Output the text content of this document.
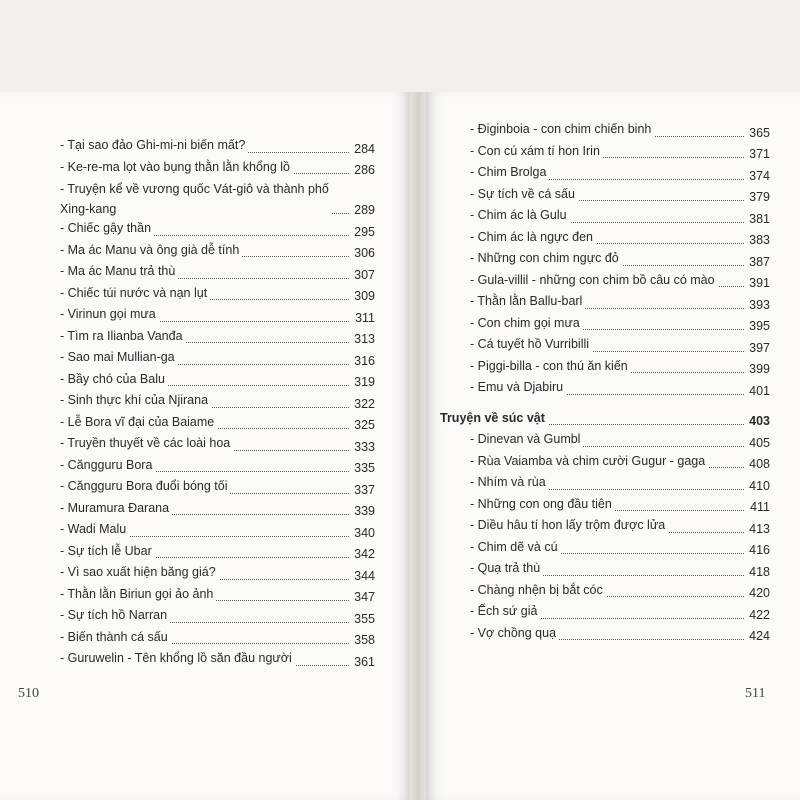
- Tại sao đảo Ghi-mi-ni biến mất?	284
- Ke-re-ma lọt vào bụng thằn lằn khổng lồ	286
- Truyện kể về vương quốc Vát-giô và thành phố
Xing-kang	289
- Chiếc gậy thần	295
- Ma ác Manu và ông già dễ tính	306
- Ma ác Manu trả thù	307
- Chiếc túi nước và nạn lụt	309
- Virinun gọi mưa	311
- Tìm ra Ilianba Vanđa	313
- Sao mai Mullian-ga	316
- Bầy chó của Balu	319
- Sinh thực khí của Njirana	322
- Lễ Bora vĩ đại của Baiame	325
- Truyền thuyết về các loài hoa	333
- Căngguru Bora	335
- Căngguru Bora đuổi bóng tối	337
- Muramura Đarana	339
- Wadi Malu	340
- Sự tích lễ Ubar	342
- Vì sao xuất hiện băng giá?	344
- Thằn lằn Biriun gọi ảo ảnh	347
- Sự tích hồ Narran	355
- Biến thành cá sấu	358
- Guruwelin - Tên khổng lồ săn đầu người	361
- Điginboia - con chim chiến binh	365
- Con cú xám tí hon Irin	371
- Chim Brolga	374
- Sự tích về cá sấu	379
- Chim ác là Gulu	381
- Chim ác là ngực đen	383
- Những con chim ngực đỏ	387
- Gula-villil - những con chim bồ câu có mào	391
- Thằn lằn Ballu-barl	393
- Con chim gọi mưa	395
- Cá tuyết hồ Vurribilli	397
- Piggi-billa - con thú ăn kiến	399
- Emu và Djabiru	401
Truyện về súc vật	403
- Dinevan và Gumbl	405
- Rùa Vaiamba và chim cười Gugur - gaga	408
- Nhím và rùa	410
- Những con ong đầu tiên	411
- Diều hâu tí hon lấy trộm được lửa	413
- Chim dẽ và cú	416
- Quạ trả thù	418
- Chàng nhện bị bắt cóc	420
- Ếch sứ giả	422
- Vợ chồng quạ	424
510	511
